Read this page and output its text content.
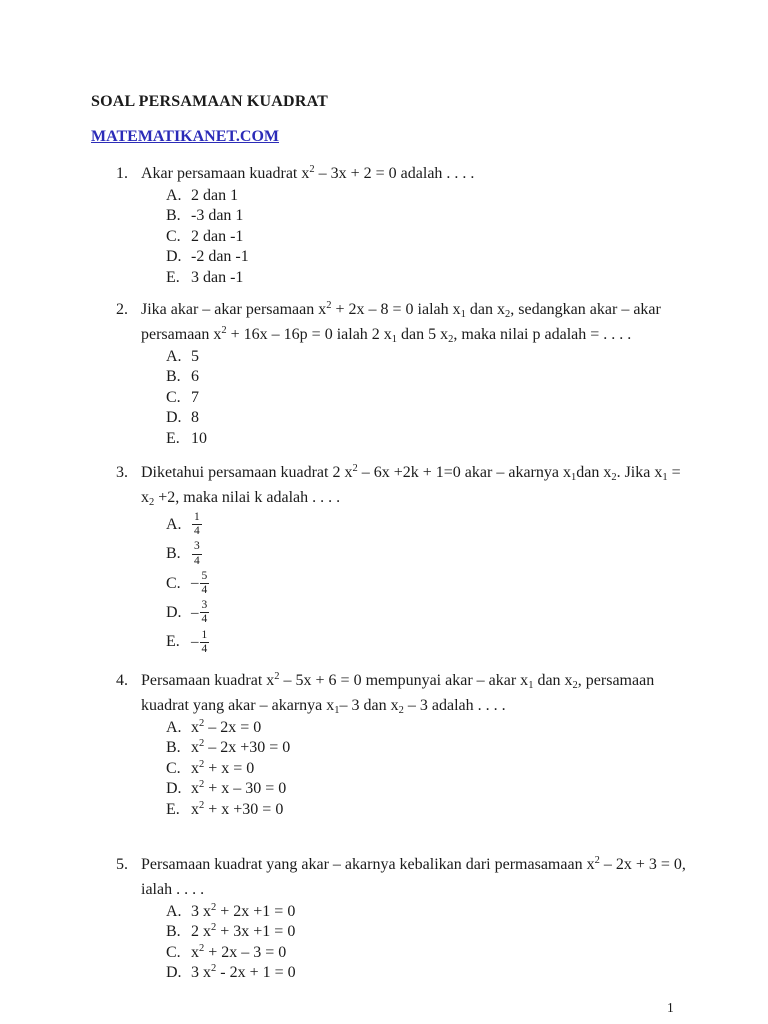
SOAL PERSAMAAN KUADRAT
MATEMATIKANET.COM
1. Akar persamaan kuadrat $x^2 - 3x + 2 = 0$ adalah . . . .
A. 2 dan 1
B. -3 dan 1
C. 2 dan -1
D. -2 dan -1
E. 3 dan -1
2. Jika akar – akar persamaan $x^2 + 2x - 8 = 0$ ialah $x_1$ dan $x_2$, sedangkan akar – akar persamaan $x^2 + 16x - 16p = 0$ ialah 2 $x_1$ dan 5 $x_2$, maka nilai p adalah = . . . .
A. 5
B. 6
C. 7
D. 8
E. 10
3. Diketahui persamaan kuadrat 2 $x^2 - 6x +2k + 1=0$ akar – akarnya $x_1dan$ $x_2$. Jika $x_1 = x_2 +2$, maka nilai k adalah . . . .
A. $\frac{1}{4}$
B. $\frac{3}{4}$
C. – $\frac{5}{4}$
D. – $\frac{3}{4}$
E. – $\frac{1}{4}$
4. Persamaan kuadrat $x^2 - 5x + 6 = 0$ mempunyai akar – akar $x_1$ dan $x_2$, persamaan kuadrat yang akar – akarnya $x_1-$ 3 dan $x_2 - 3$ adalah . . . .
A. $x^2 - 2x = 0$
B. $x^2 - 2x +30 = 0$
C. $x^2 + x = 0$
D. $x^2 + x - 30 = 0$
E. $x^2 + x +30 = 0$
5. Persamaan kuadrat yang akar – akarnya kebalikan dari permasamaan $x^2 - 2x + 3 = 0$, ialah . . . .
A. 3 $x^2 + 2x +1 = 0$
B. 2 $x^2 + 3x +1 = 0$
C. $x^2 + 2x - 3 = 0$
D. 3 $x^2 - 2x + 1 = 0$
1
